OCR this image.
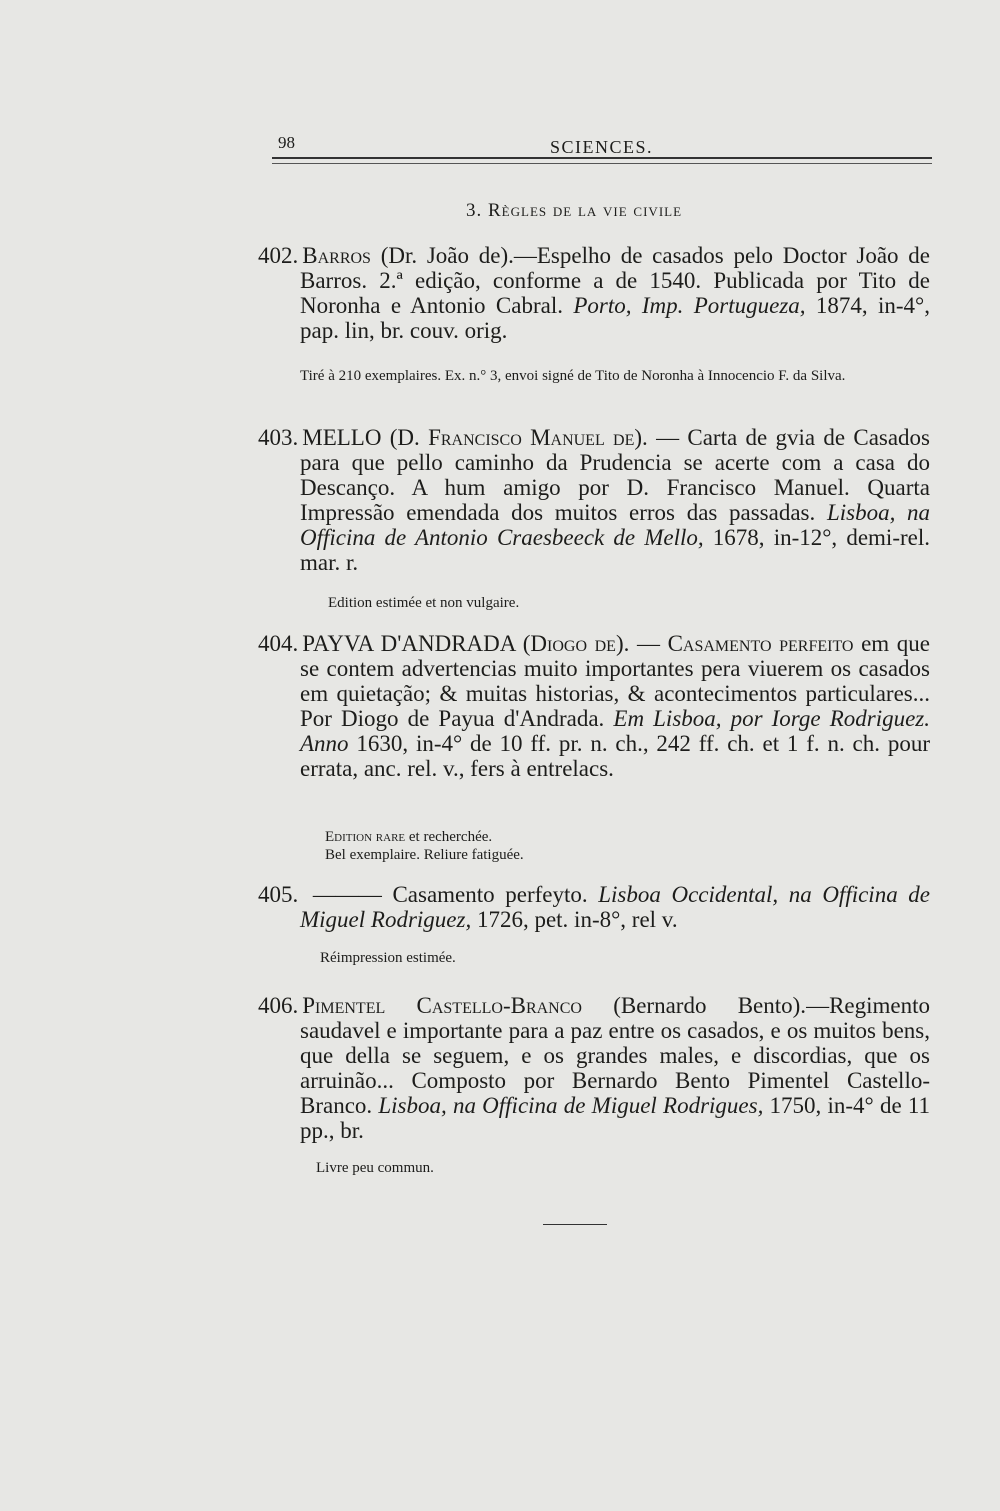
98	SCIENCES.
3. Règles de la vie civile
402. Barros (Dr. João de).—Espelho de casados pelo Doctor João de Barros. 2.ª edição, conforme a de 1540. Publicada por Tito de Noronha e Antonio Cabral. Porto, Imp. Portugueza, 1874, in-4°, pap. lin, br. couv. orig.
Tiré à 210 exemplaires. Ex. n.° 3, envoi signé de Tito de Noronha à Innocencio F. da Silva.
403. MELLO (D. Francisco Manuel de). — Carta de gvia de Casados para que pello caminho da Prudencia se acerte com a casa do Descanço. A hum amigo por D. Francisco Manuel. Quarta Impressão emendada dos muitos erros das passadas. Lisboa, na Officina de Antonio Craesbeeck de Mello, 1678, in-12°, demi-rel. mar. r.
Edition estimée et non vulgaire.
404. PAYVA D'ANDRADA (Diogo de). — Casamento perfeito em que se contem advertencias muito importantes pera viuerem os casados em quietação; & muitas historias, & acontecimentos particulares... Por Diogo de Payua d'Andrada. Em Lisboa, por Iorge Rodriguez. Anno 1630, in-4° de 10 ff. pr. n. ch., 242 ff. ch. et 1 f. n. ch. pour errata, anc. rel. v., fers à entrelacs.
Edition rare et recherchée.
Bel exemplaire. Reliure fatiguée.
405. ——— Casamento perfeyto. Lisboa Occidental, na Officina de Miguel Rodriguez, 1726, pet. in-8°, rel v.
Réimpression estimée.
406. Pimentel Castello-Branco (Bernardo Bento).—Regimento saudavel e importante para a paz entre os casados, e os muitos bens, que della se seguem, e os grandes males, e discordias, que os arruinão... Composto por Bernardo Bento Pimentel Castello-Branco. Lisboa, na Officina de Miguel Rodrigues, 1750, in-4° de 11 pp., br.
Livre peu commun.
